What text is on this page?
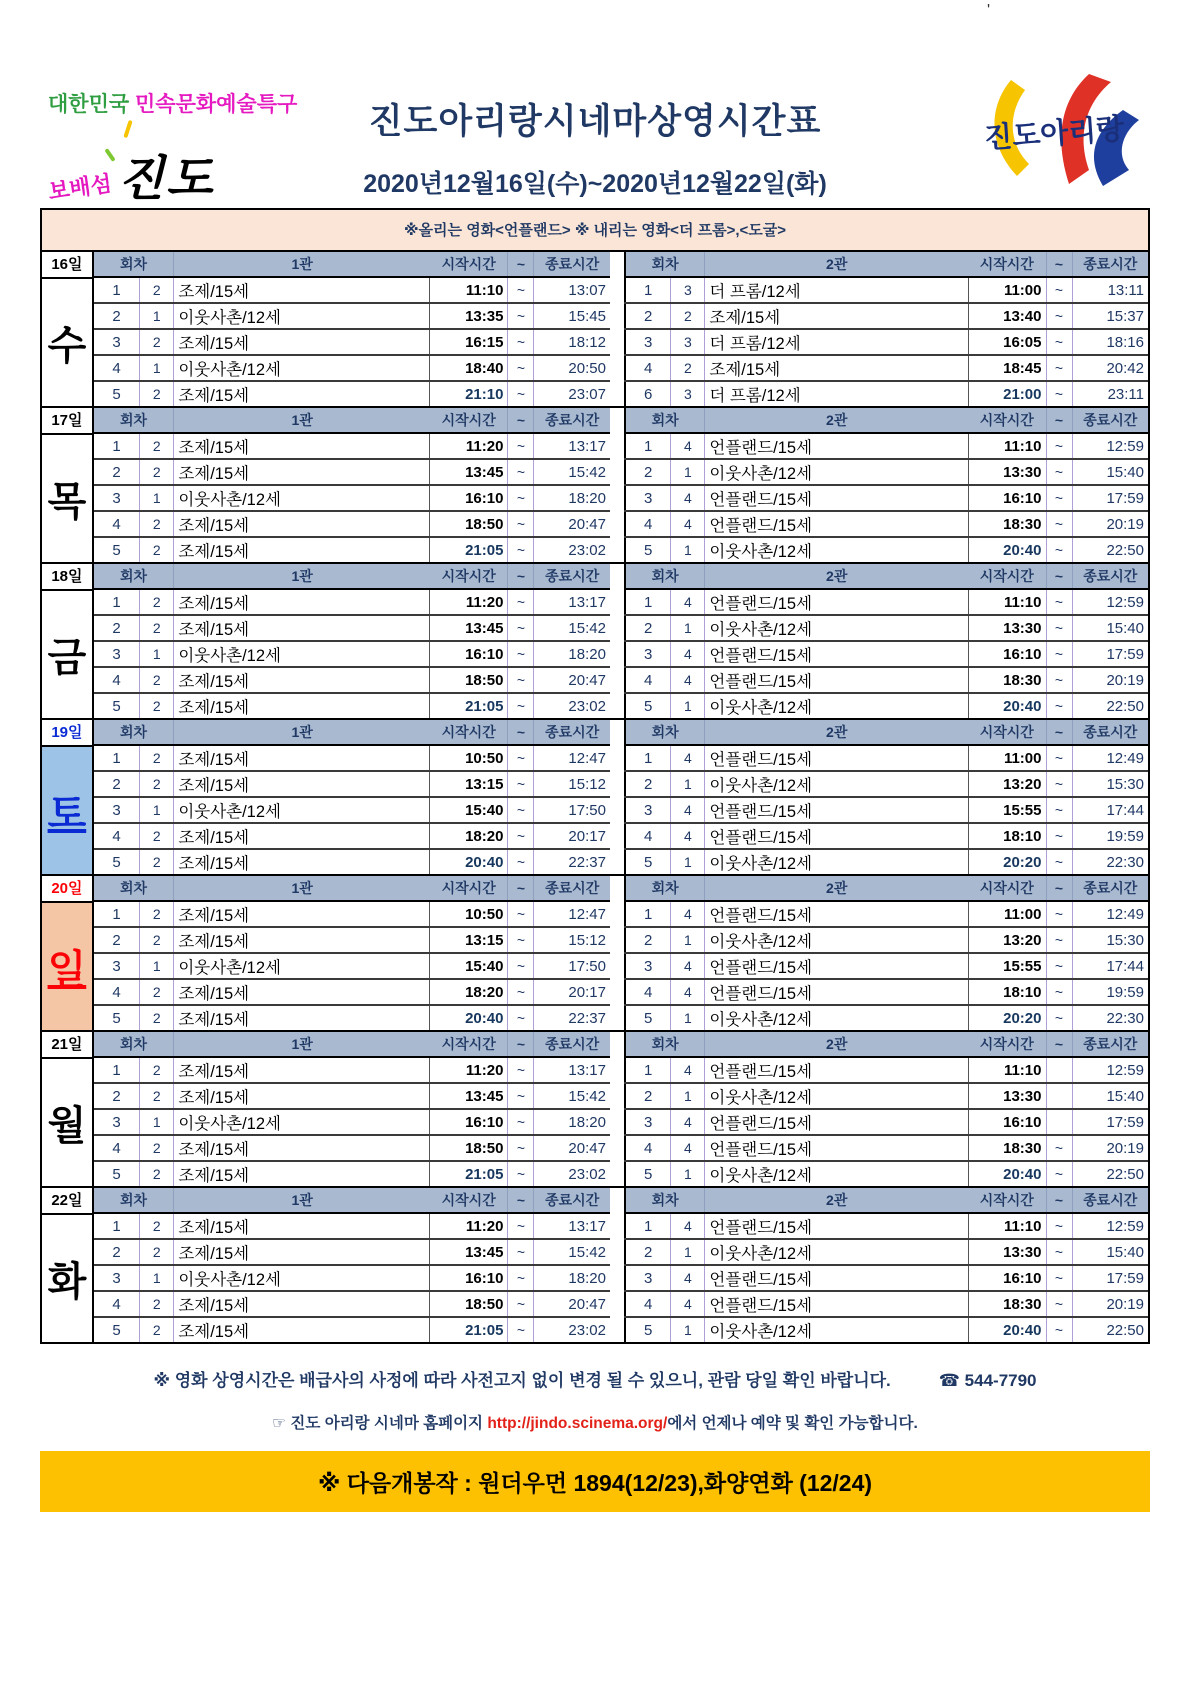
'
대한민국 민속문화예술특구
보배섬진도
진도아리랑시네마상영시간표
2020년12월16일(수)~2020년12월22일(화)
진도아리랑
※올리는 영화<언플랜드> ※ 내리는 영화<더 프롬>,<도굴>
16일
수
회차		1관	시작시간	~	종료시간
1	2	조제/15세	11:10	~	13:07
2	1	이웃사촌/12세	13:35	~	15:45
3	2	조제/15세	16:15	~	18:12
4	1	이웃사촌/12세	18:40	~	20:50
5	2	조제/15세	21:10	~	23:07
회차		2관	시작시간	~	종료시간
1	3	더 프롬/12세	11:00	~	13:11
2	2	조제/15세	13:40	~	15:37
3	3	더 프롬/12세	16:05	~	18:16
4	2	조제/15세	18:45	~	20:42
6	3	더 프롬/12세	21:00	~	23:11
17일
목
회차		1관	시작시간	~	종료시간
1	2	조제/15세	11:20	~	13:17
2	2	조제/15세	13:45	~	15:42
3	1	이웃사촌/12세	16:10	~	18:20
4	2	조제/15세	18:50	~	20:47
5	2	조제/15세	21:05	~	23:02
회차		2관	시작시간	~	종료시간
1	4	언플랜드/15세	11:10	~	12:59
2	1	이웃사촌/12세	13:30	~	15:40
3	4	언플랜드/15세	16:10	~	17:59
4	4	언플랜드/15세	18:30	~	20:19
5	1	이웃사촌/12세	20:40	~	22:50
18일
금
회차		1관	시작시간	~	종료시간
1	2	조제/15세	11:20	~	13:17
2	2	조제/15세	13:45	~	15:42
3	1	이웃사촌/12세	16:10	~	18:20
4	2	조제/15세	18:50	~	20:47
5	2	조제/15세	21:05	~	23:02
회차		2관	시작시간	~	종료시간
1	4	언플랜드/15세	11:10	~	12:59
2	1	이웃사촌/12세	13:30	~	15:40
3	4	언플랜드/15세	16:10	~	17:59
4	4	언플랜드/15세	18:30	~	20:19
5	1	이웃사촌/12세	20:40	~	22:50
19일
토
회차		1관	시작시간	~	종료시간
1	2	조제/15세	10:50	~	12:47
2	2	조제/15세	13:15	~	15:12
3	1	이웃사촌/12세	15:40	~	17:50
4	2	조제/15세	18:20	~	20:17
5	2	조제/15세	20:40	~	22:37
회차		2관	시작시간	~	종료시간
1	4	언플랜드/15세	11:00	~	12:49
2	1	이웃사촌/12세	13:20	~	15:30
3	4	언플랜드/15세	15:55	~	17:44
4	4	언플랜드/15세	18:10	~	19:59
5	1	이웃사촌/12세	20:20	~	22:30
20일
일
회차		1관	시작시간	~	종료시간
1	2	조제/15세	10:50	~	12:47
2	2	조제/15세	13:15	~	15:12
3	1	이웃사촌/12세	15:40	~	17:50
4	2	조제/15세	18:20	~	20:17
5	2	조제/15세	20:40	~	22:37
회차		2관	시작시간	~	종료시간
1	4	언플랜드/15세	11:00	~	12:49
2	1	이웃사촌/12세	13:20	~	15:30
3	4	언플랜드/15세	15:55	~	17:44
4	4	언플랜드/15세	18:10	~	19:59
5	1	이웃사촌/12세	20:20	~	22:30
21일
월
회차		1관	시작시간	~	종료시간
1	2	조제/15세	11:20	~	13:17
2	2	조제/15세	13:45	~	15:42
3	1	이웃사촌/12세	16:10	~	18:20
4	2	조제/15세	18:50	~	20:47
5	2	조제/15세	21:05	~	23:02
회차		2관	시작시간	~	종료시간
1	4	언플랜드/15세	11:10		12:59
2	1	이웃사촌/12세	13:30		15:40
3	4	언플랜드/15세	16:10		17:59
4	4	언플랜드/15세	18:30	~	20:19
5	1	이웃사촌/12세	20:40	~	22:50
22일
화
회차		1관	시작시간	~	종료시간
1	2	조제/15세	11:20	~	13:17
2	2	조제/15세	13:45	~	15:42
3	1	이웃사촌/12세	16:10	~	18:20
4	2	조제/15세	18:50	~	20:47
5	2	조제/15세	21:05	~	23:02
회차		2관	시작시간	~	종료시간
1	4	언플랜드/15세	11:10	~	12:59
2	1	이웃사촌/12세	13:30	~	15:40
3	4	언플랜드/15세	16:10	~	17:59
4	4	언플랜드/15세	18:30	~	20:19
5	1	이웃사촌/12세	20:40	~	22:50
※ 영화 상영시간은 배급사의 사정에 따라 사전고지 없이 변경 될 수 있으니, 관람 당일 확인 바랍니다.	☎ 544-7790
☞ 진도 아리랑 시네마 홈페이지 http://jindo.scinema.org/에서 언제나 예약 및 확인 가능합니다.
※ 다음개봉작 : 원더우먼 1894(12/23),화양연화 (12/24)
